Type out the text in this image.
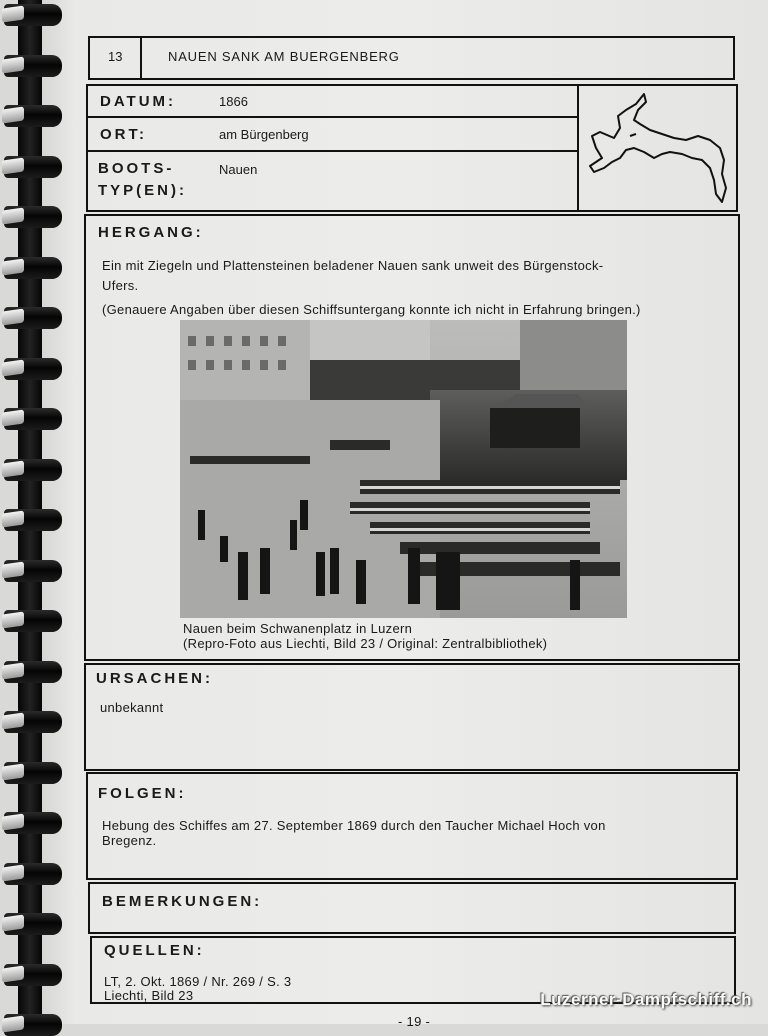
13	NAUEN SANK AM BUERGENBERG
DATUM:	1866
ORT:	am Bürgenberg
BOOTS-
TYP(EN):
Nauen
HERGANG:
Ein mit Ziegeln und Plattensteinen beladener Nauen sank unweit des Bürgenstock-
Ufers.
(Genauere Angaben über diesen Schiffsuntergang konnte ich nicht in Erfahrung bringen.)
Nauen beim Schwanenplatz in Luzern
(Repro-Foto aus Liechti, Bild 23 / Original: Zentralbibliothek)
URSACHEN:
unbekannt
FOLGEN:
Hebung des Schiffes am 27. September 1869 durch den Taucher Michael Hoch von
Bregenz.
BEMERKUNGEN:
QUELLEN:
LT, 2. Okt. 1869 / Nr. 269 / S. 3
Liechti, Bild 23
- 19 -
Luzerner-Dampfschiff.ch
